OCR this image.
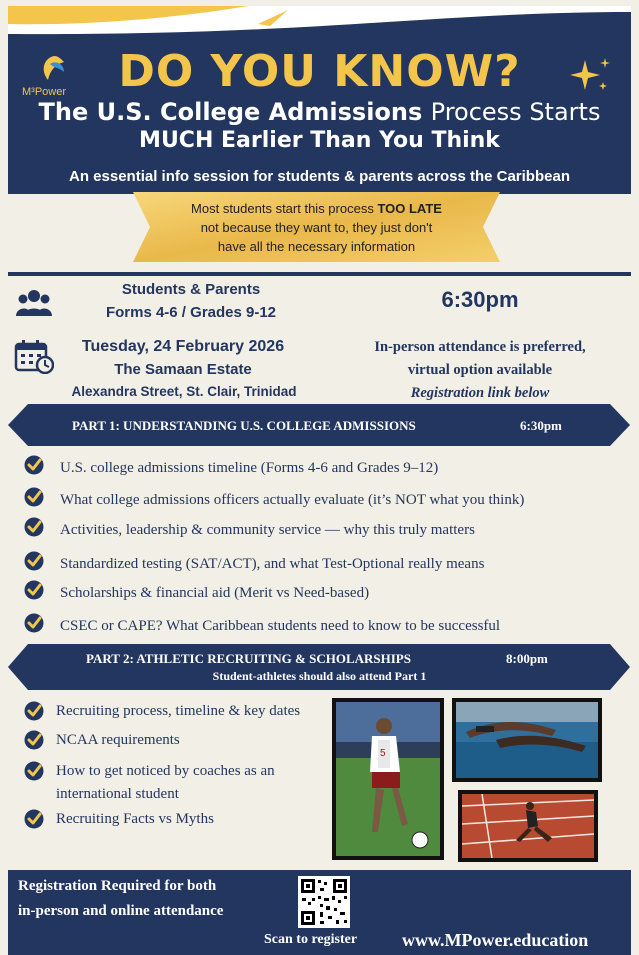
M³Power	DO YOU KNOW?
The U.S. College Admissions Process Starts
MUCH Earlier Than You Think
An essential info session for students & parents across the Caribbean
Most students start this process TOO LATE
not because they want to, they just don't
have all the necessary information
Students & Parents
Forms 4-6 / Grades 9-12
6:30pm
Tuesday, 24 February 2026
The Samaan Estate
Alexandra Street, St. Clair, Trinidad
In-person attendance is preferred,
virtual option available
Registration link below
PART 1: UNDERSTANDING U.S. COLLEGE ADMISSIONS	6:30pm
U.S. college admissions timeline (Forms 4-6 and Grades 9–12)
What college admissions officers actually evaluate (it’s NOT what you think)
Activities, leadership & community service — why this truly matters
Standardized testing (SAT/ACT), and what Test-Optional really means
Scholarships & financial aid (Merit vs Need-based)
CSEC or CAPE? What Caribbean students need to know to be successful
PART 2: ATHLETIC RECRUITING & SCHOLARSHIPS	8:00pm
Student-athletes should also attend Part 1
Recruiting process, timeline & key dates
NCAA requirements
How to get noticed by coaches as an
international student
Recruiting Facts vs Myths
5
Registration Required for both
in-person and online attendance
Scan to register www.MPower.education
